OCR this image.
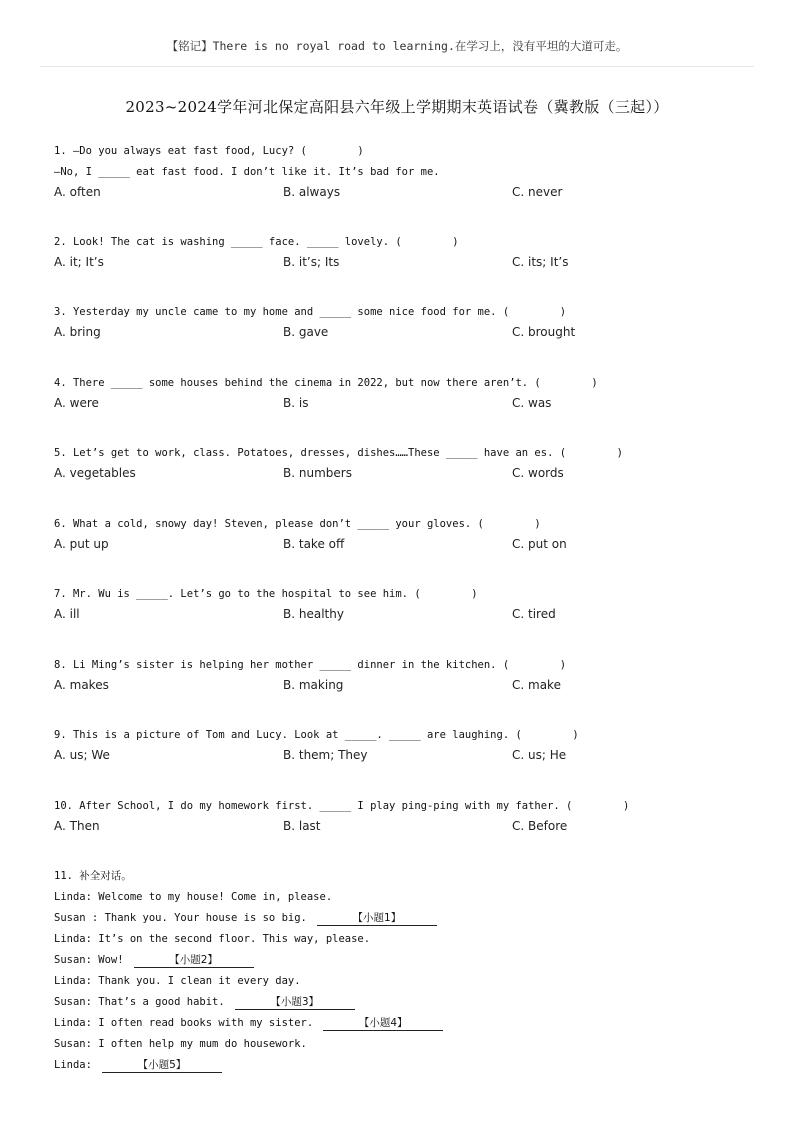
【铭记】There is no royal road to learning.在学习上，没有平坦的大道可走。
2023~2024学年河北保定高阳县六年级上学期期末英语试卷（冀教版（三起））
1. —Do you always eat fast food, Lucy? (        )
—No, I _____ eat fast food. I don’t like it. It’s bad for me.
A. often	B. always	C. never
2. Look! The cat is washing _____ face. _____ lovely. (        )
A. it; It’s	B. it’s; Its	C. its; It’s
3. Yesterday my uncle came to my home and _____ some nice food for me. (        )
A. bring	B. gave	C. brought
4. There _____ some houses behind the cinema in 2022, but now there aren’t. (        )
A. were	B. is	C. was
5. Let’s get to work, class. Potatoes, dresses, dishes……These _____ have an es. (        )
A. vegetables	B. numbers	C. words
6. What a cold, snowy day! Steven, please don’t _____ your gloves. (        )
A. put up	B. take off	C. put on
7. Mr. Wu is _____. Let’s go to the hospital to see him. (        )
A. ill	B. healthy	C. tired
8. Li Ming’s sister is helping her mother _____ dinner in the kitchen. (        )
A. makes	B. making	C. make
9. This is a picture of Tom and Lucy. Look at _____. _____ are laughing. (        )
A. us; We	B. them; They	C. us; He
10. After School, I do my homework first. _____ I play ping-ping with my father. (        )
A. Then	B. last	C. Before
11. 补全对话。
Linda: Welcome to my house! Come in, please.
Susan : Thank you. Your house is so big.	【小题1】
Linda: It’s on the second floor. This way, please.
Susan: Wow!	【小题2】
Linda: Thank you. I clean it every day.
Susan: That’s a good habit.	【小题3】
Linda: I often read books with my sister.	【小题4】
Susan: I often help my mum do housework.
Linda:	【小题5】
